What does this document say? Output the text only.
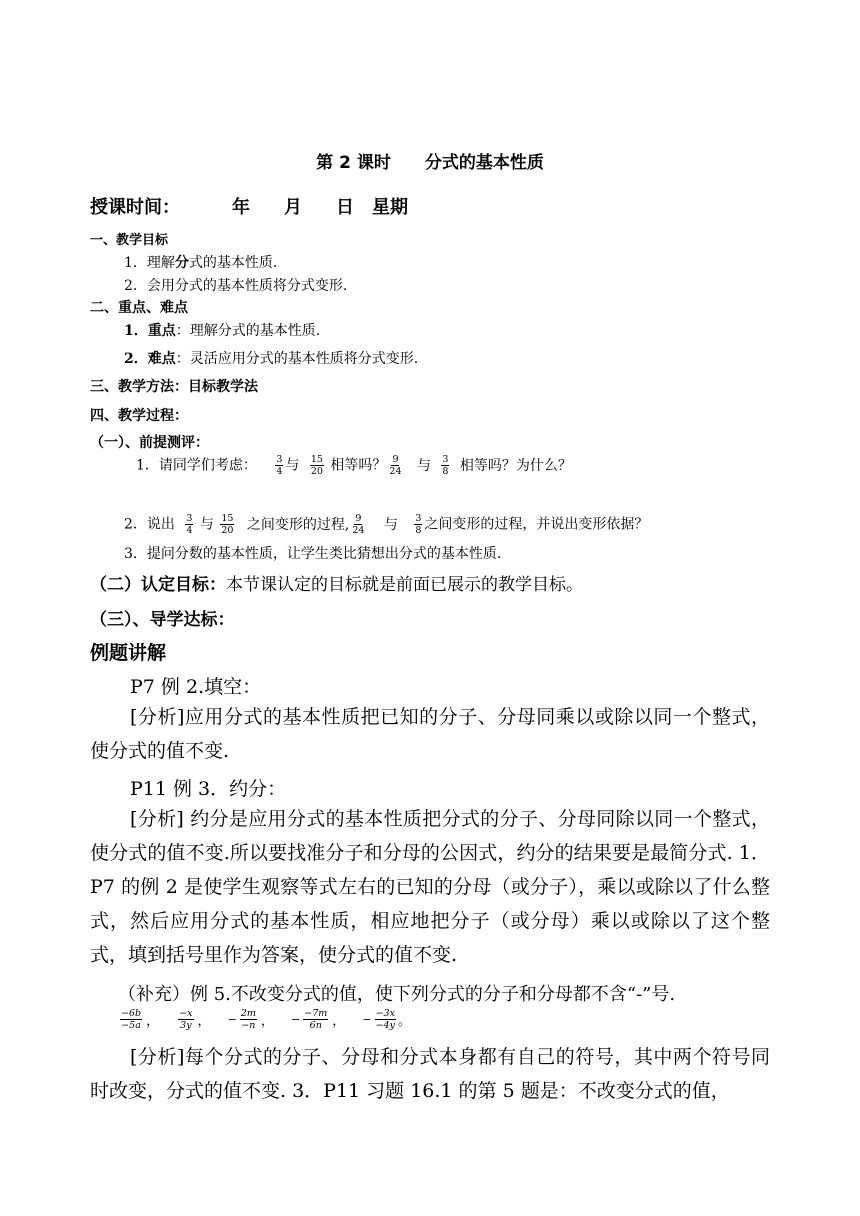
第 2 课时 分式的基本性质
授课时间：	年 月 日 星期
一、教学目标
1．理解分式的基本性质.
2．会用分式的基本性质将分式变形.
二、重点、难点
1．重点：理解分式的基本性质.
2．难点：灵活应用分式的基本性质将分式变形.
三、教学方法：目标教学法
四、教学过程：
（一）、前提测评：
1．请同学们考虑： $\frac{3}{4}$ 与 $\frac{15}{20}$ 相等吗？ $\frac{9}{24}$ 与 $\frac{3}{8}$ 相等吗？为什么？
2．说出 $\frac{3}{4}$ 与 $\frac{15}{20}$ 之间变形的过程, $\frac{9}{24}$ 与 $\frac{3}{8}$ 之间变形的过程，并说出变形依据？
3．提问分数的基本性质，让学生类比猜想出分式的基本性质.
（二）认定目标：本节课认定的目标就是前面已展示的教学目标。
（三）、导学达标：
例题讲解
P7 例 2.填空：
[分析]应用分式的基本性质把已知的分子、分母同乘以或除以同一个整式，使分式的值不变.
P11 例 3．约分：
[分析] 约分是应用分式的基本性质把分式的分子、分母同除以同一个整式，使分式的值不变.所以要找准分子和分母的公因式，约分的结果要是最简分式. 1．P7 的例 2 是使学生观察等式左右的已知的分母（或分子），乘以或除以了什么整式，然后应用分式的基本性质，相应地把分子（或分母）乘以或除以了这个整式，填到括号里作为答案，使分式的值不变.
（补充）例 5.不改变分式的值，使下列分式的分子和分母都不含“-”号.
$\frac{-6b}{-5a}$ ， $\frac{-x}{3y}$ ， − $\frac{2m}{-n}$ ， − $\frac{-7m}{6n}$ ， − $\frac{-3x}{-4y}$ 。
[分析]每个分式的分子、分母和分式本身都有自己的符号，其中两个符号同时改变，分式的值不变. 3．P11 习题 16.1 的第 5 题是：不改变分式的值，
